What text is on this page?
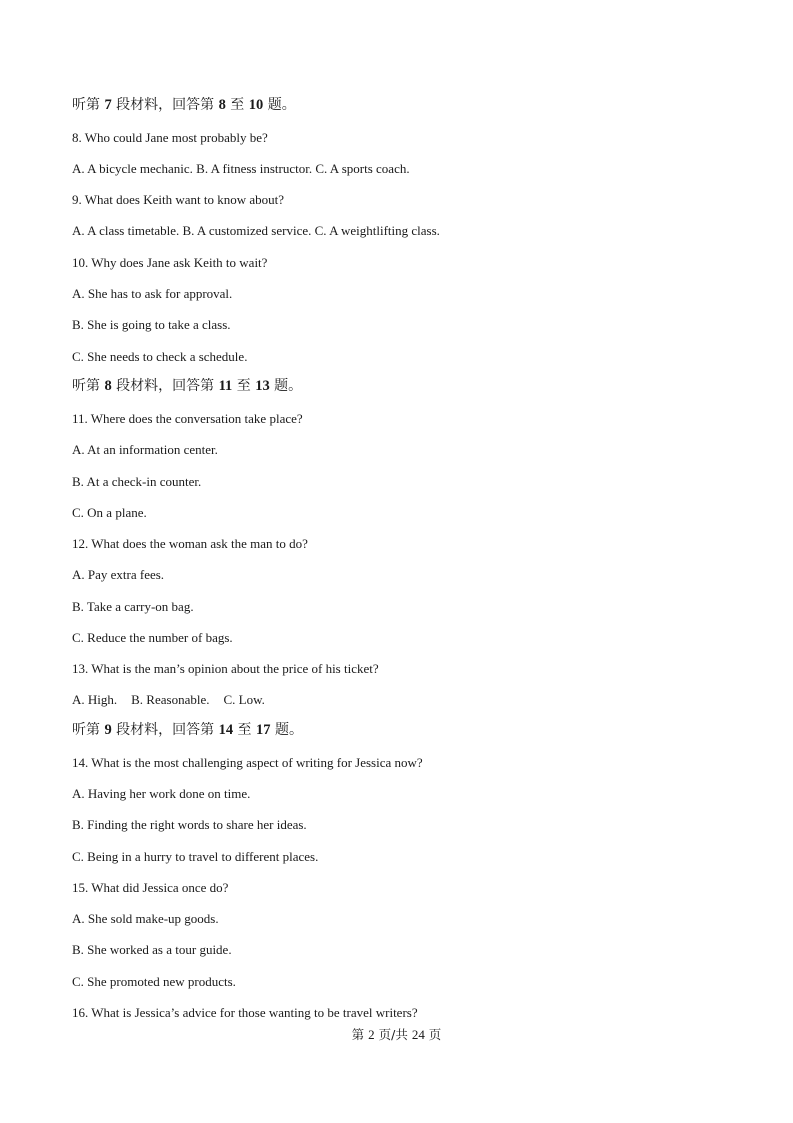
听第 7 段材料，回答第 8 至 10 题。
8. Who could Jane most probably be?
A. A bicycle mechanic. B. A fitness instructor. C. A sports coach.
9. What does Keith want to know about?
A. A class timetable. B. A customized service. C. A weightlifting class.
10. Why does Jane ask Keith to wait?
A. She has to ask for approval.
B. She is going to take a class.
C. She needs to check a schedule.
听第 8 段材料，回答第 11 至 13 题。
11. Where does the conversation take place?
A. At an information center.
B. At a check-in counter.
C. On a plane.
12. What does the woman ask the man to do?
A. Pay extra fees.
B. Take a carry-on bag.
C. Reduce the number of bags.
13. What is the man’s opinion about the price of his ticket?
A. High. B. Reasonable. C. Low.
听第 9 段材料，回答第 14 至 17 题。
14. What is the most challenging aspect of writing for Jessica now?
A. Having her work done on time.
B. Finding the right words to share her ideas.
C. Being in a hurry to travel to different places.
15. What did Jessica once do?
A. She sold make-up goods.
B. She worked as a tour guide.
C. She promoted new products.
16. What is Jessica’s advice for those wanting to be travel writers?
第 2 页/共 24 页
